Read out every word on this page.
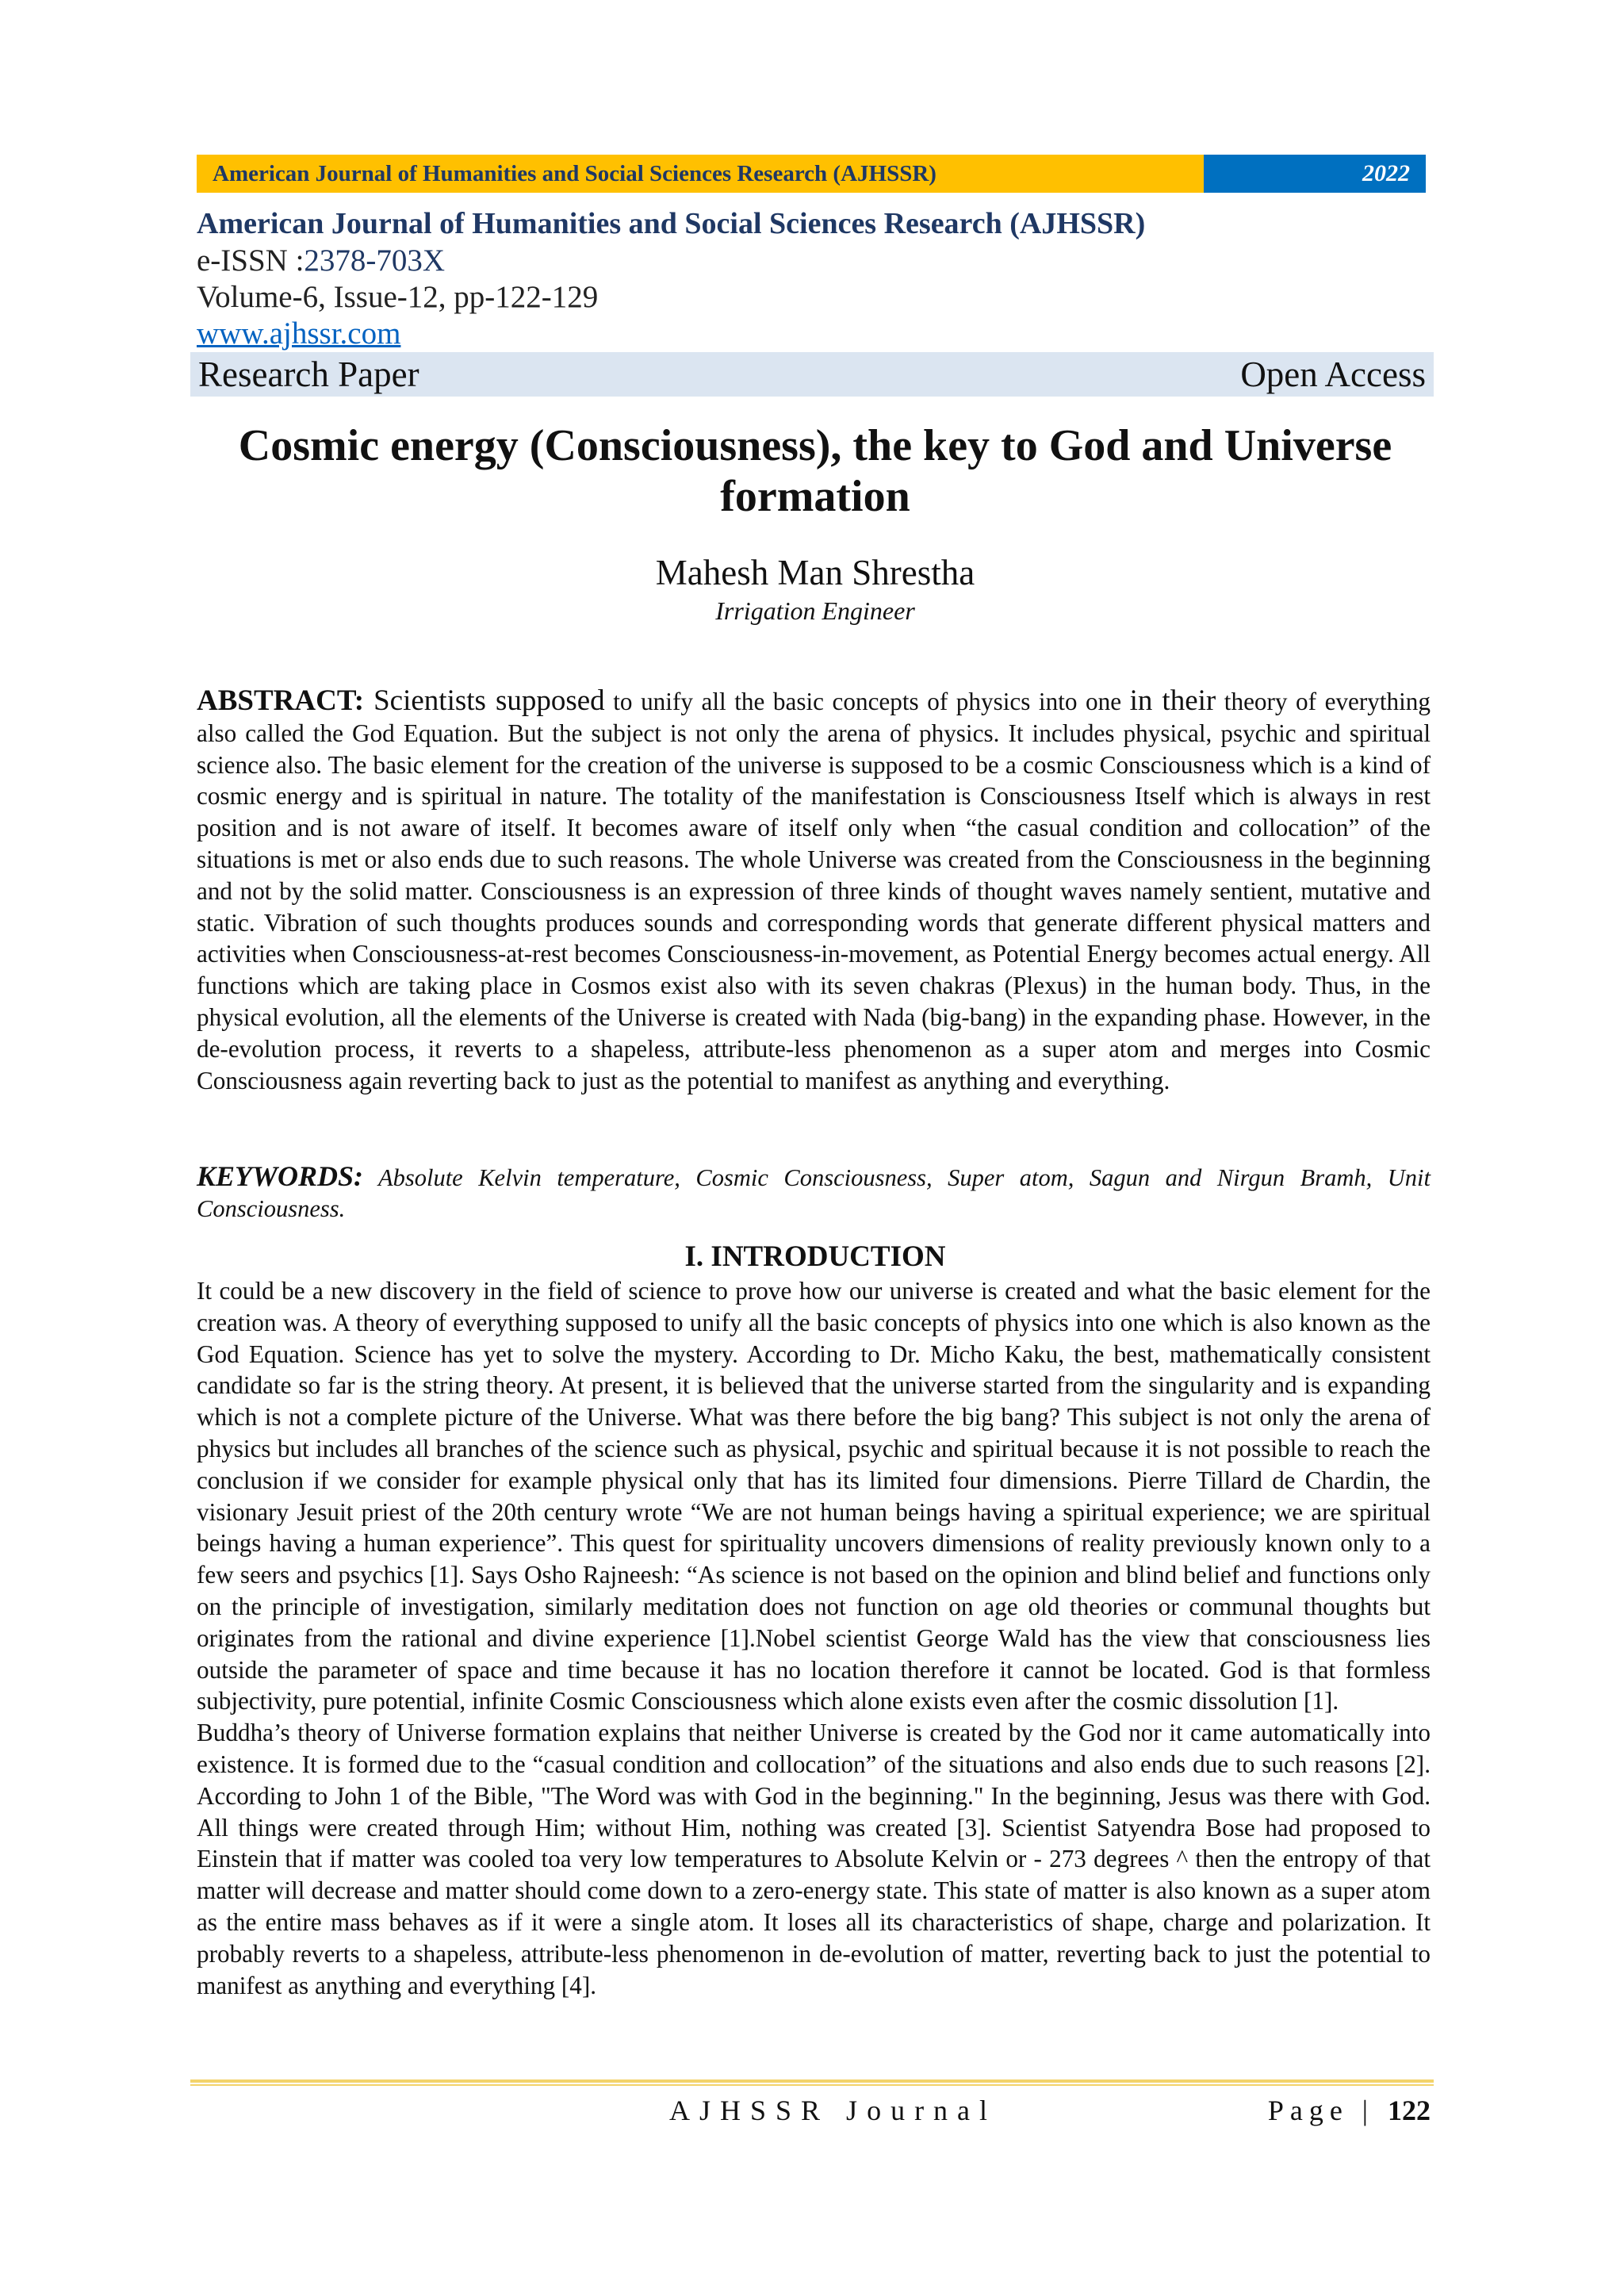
American Journal of Humanities and Social Sciences Research (AJHSSR)	2022
American Journal of Humanities and Social Sciences Research (AJHSSR)
e-ISSN :2378-703X
Volume-6, Issue-12, pp-122-129
www.ajhssr.com
Research Paper	Open Access
Cosmic energy (Consciousness), the key to God and Universe
formation
Mahesh Man Shrestha
Irrigation Engineer
ABSTRACT: Scientists supposed to unify all the basic concepts of physics into one in their theory of everything also called the God Equation. But the subject is not only the arena of physics. It includes physical, psychic and spiritual science also. The basic element for the creation of the universe is supposed to be a cosmic Consciousness which is a kind of cosmic energy and is spiritual in nature. The totality of the manifestation is Consciousness Itself which is always in rest position and is not aware of itself. It becomes aware of itself only when “the casual condition and collocation” of the situations is met or also ends due to such reasons. The whole Universe was created from the Consciousness in the beginning and not by the solid matter. Consciousness is an expression of three kinds of thought waves namely sentient, mutative and static. Vibration of such thoughts produces sounds and corresponding words that generate different physical matters and activities when Consciousness-at-rest becomes Consciousness-in-movement, as Potential Energy becomes actual energy. All functions which are taking place in Cosmos exist also with its seven chakras (Plexus) in the human body. Thus, in the physical evolution, all the elements of the Universe is created with Nada (big-bang) in the expanding phase. However, in the de-evolution process, it reverts to a shapeless, attribute-less phenomenon as a super atom and merges into Cosmic Consciousness again reverting back to just as the potential to manifest as anything and everything.
KEYWORDS: Absolute Kelvin temperature, Cosmic Consciousness, Super atom, Sagun and Nirgun Bramh, Unit Consciousness.
I. INTRODUCTION

It could be a new discovery in the field of science to prove how our universe is created and what the basic element for the creation was. A theory of everything supposed to unify all the basic concepts of physics into one which is also known as the God Equation. Science has yet to solve the mystery. According to Dr. Micho Kaku, the best, mathematically consistent candidate so far is the string theory. At present, it is believed that the universe started from the singularity and is expanding which is not a complete picture of the Universe. What was there before the big bang? This subject is not only the arena of physics but includes all branches of the science such as physical, psychic and spiritual because it is not possible to reach the conclusion if we consider for example physical only that has its limited four dimensions. Pierre Tillard de Chardin, the visionary Jesuit priest of the 20th century wrote “We are not human beings having a spiritual experience; we are spiritual beings having a human experience”. This quest for spirituality uncovers dimensions of reality previously known only to a few seers and psychics [1]. Says Osho Rajneesh: “As science is not based on the opinion and blind belief and functions only on the principle of investigation, similarly meditation does not function on age old theories or communal thoughts but originates from the rational and divine experience [1].Nobel scientist George Wald has the view that consciousness lies outside the parameter of space and time because it has no location therefore it cannot be located. God is that formless subjectivity, pure potential, infinite Cosmic Consciousness which alone exists even after the cosmic dissolution [1].

Buddha’s theory of Universe formation explains that neither Universe is created by the God nor it came automatically into existence. It is formed due to the “casual condition and collocation” of the situations and also ends due to such reasons [2]. According to John 1 of the Bible, "The Word was with God in the beginning." In the beginning, Jesus was there with God. All things were created through Him; without Him, nothing was created [3]. Scientist Satyendra Bose had proposed to Einstein that if matter was cooled toa very low temperatures to Absolute Kelvin or - 273 degrees ^ then the entropy of that matter will decrease and matter should come down to a zero-energy state. This state of matter is also known as a super atom as the entire mass behaves as if it were a single atom. It loses all its characteristics of shape, charge and polarization. It probably reverts to a shapeless, attribute-less phenomenon in de-evolution of matter, reverting back to just the potential to manifest as anything and everything [4].

AJHSSR Journal	Page | 122
